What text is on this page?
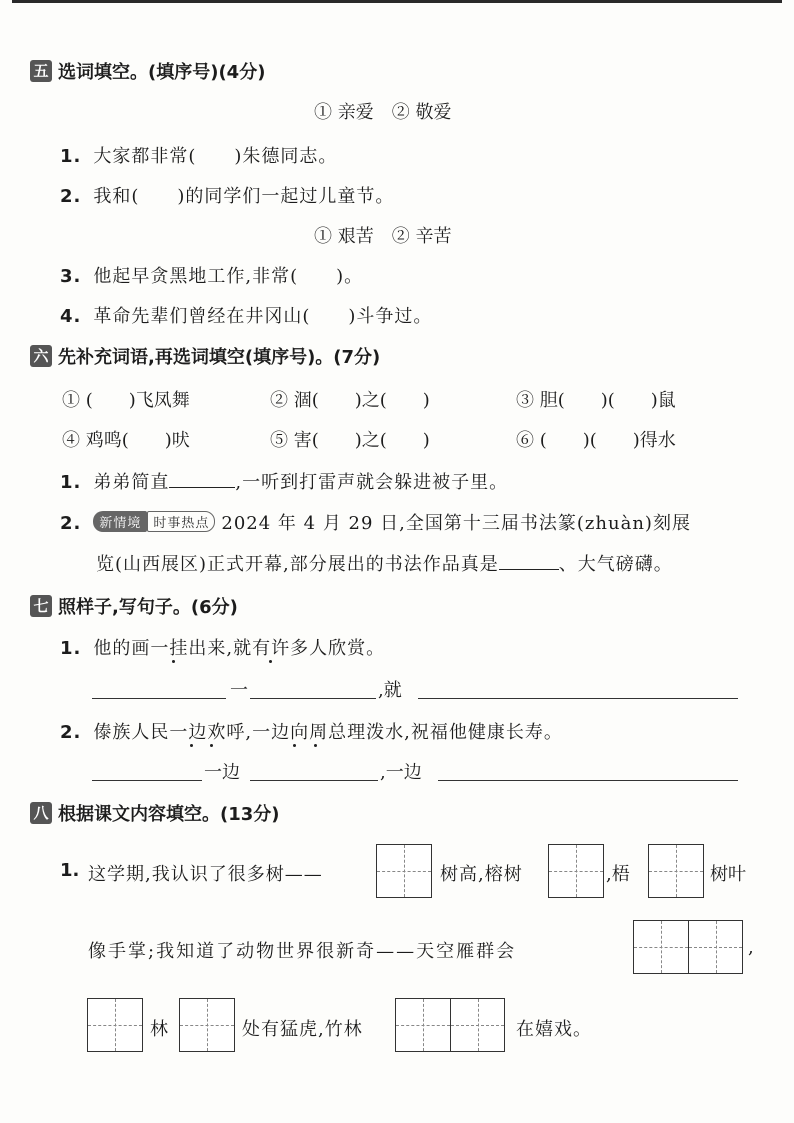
五 选词填空。(填序号)(4分)
① 亲爱　② 敬爱
1. 大家都非常(　　)朱德同志。
2. 我和(　　)的同学们一起过儿童节。
① 艰苦　② 辛苦
3. 他起早贪黑地工作,非常(　　)。
4. 革命先辈们曾经在井冈山(　　)斗争过。
六 先补充词语,再选词填空(填序号)。(7分)
① (　　)飞凤舞	② 涸(　　)之(　　)	③ 胆(　　)(　　)鼠
④ 鸡鸣(　　)吠	⑤ 害(　　)之(　　)	⑥ (　　)(　　)得水
1. 弟弟简直	,一听到打雷声就会躲进被子里。
2. 新情境 时事热点 2024 年 4 月 29 日,全国第十三届书法篆(zhuàn)刻展
览(山西展区)正式开幕,部分展出的书法作品真是	、大气磅礴。
七 照样子,写句子。(6分)
1. 他的画一挂出来,就有许多人欣赏。
一	,就
2. 傣族人民一边欢呼,一边向周总理泼水,祝福他健康长寿。
一边	,一边
八 根据课文内容填空。(13分)
1. 这学期,我认识了很多树——	树高,榕树	,梧	树叶
像手掌;我知道了动物世界很新奇——天空雁群会	,
林	处有猛虎,竹林	在嬉戏。
